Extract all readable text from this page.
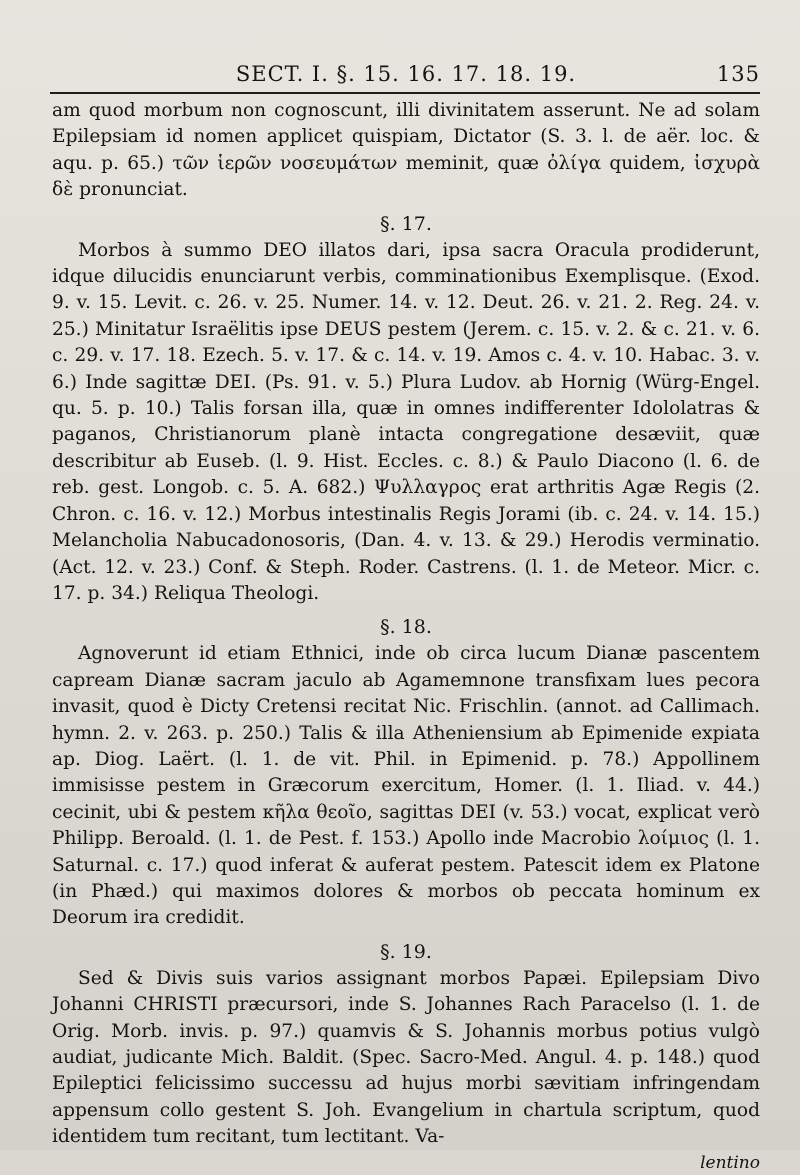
SECT. I. §. 15. 16. 17. 18. 19.	135

am quod morbum non cognoscunt, illi divinitatem asserunt. Ne ad solam Epilepsiam id nomen applicet quispiam, Dictator (S. 3. l. de aër. loc. & aqu. p. 65.) τῶν ἱερῶν νοσευμάτων meminit, quæ ὀλίγα quidem, ἰσχυρὰ δὲ pronunciat.

§. 17.

Morbos à summo DEO illatos dari, ipsa sacra Oracula prodiderunt, idque dilucidis enunciarunt verbis, comminationibus Exemplisque. (Exod. 9. v. 15. Levit. c. 26. v. 25. Numer. 14. v. 12. Deut. 26. v. 21. 2. Reg. 24. v. 25.) Minitatur Israëlitis ipse DEUS pestem (Jerem. c. 15. v. 2. & c. 21. v. 6. c. 29. v. 17. 18. Ezech. 5. v. 17. & c. 14. v. 19. Amos c. 4. v. 10. Habac. 3. v. 6.) Inde sagittæ DEI. (Ps. 91. v. 5.) Plura Ludov. ab Hornig (Würg-Engel. qu. 5. p. 10.) Talis forsan illa, quæ in omnes indifferenter Idololatras & paganos, Christianorum planè intacta congregatione desæviit, quæ describitur ab Euseb. (l. 9. Hist. Eccles. c. 8.) & Paulo Diacono (l. 6. de reb. gest. Longob. c. 5. A. 682.) Ψυλλαγρος erat arthritis Agæ Regis (2. Chron. c. 16. v. 12.) Morbus intestinalis Regis Jorami (ib. c. 24. v. 14. 15.) Melancholia Nabucadonosoris, (Dan. 4. v. 13. & 29.) Herodis verminatio. (Act. 12. v. 23.) Conf. & Steph. Roder. Castrens. (l. 1. de Meteor. Micr. c. 17. p. 34.) Reliqua Theologi.

§. 18.

Agnoverunt id etiam Ethnici, inde ob circa lucum Dianæ pascentem capream Dianæ sacram jaculo ab Agamemnone transfixam lues pecora invasit, quod è Dicty Cretensi recitat Nic. Frischlin. (annot. ad Callimach. hymn. 2. v. 263. p. 250.) Talis & illa Atheniensium ab Epimenide expiata ap. Diog. Laërt. (l. 1. de vit. Phil. in Epimenid. p. 78.) Appollinem immisisse pestem in Græcorum exercitum, Homer. (l. 1. Iliad. v. 44.) cecinit, ubi & pestem κῆλα θεοῖο, sagittas DEI (v. 53.) vocat, explicat verò Philipp. Beroald. (l. 1. de Pest. f. 153.) Apollo inde Macrobio λοίμιος (l. 1. Saturnal. c. 17.) quod inferat & auferat pestem. Patescit idem ex Platone (in Phæd.) qui maximos dolores & morbos ob peccata hominum ex Deorum ira credidit.

§. 19.

Sed & Divis suis varios assignant morbos Papæi. Epilepsiam Divo Johanni CHRISTI præcursori, inde S. Johannes Rach Paracelso (l. 1. de Orig. Morb. invis. p. 97.) quamvis & S. Johannis morbus potius vulgò audiat, judicante Mich. Baldit. (Spec. Sacro-Med. Angul. 4. p. 148.) quod Epileptici felicissimo successu ad hujus morbi sævitiam infringendam appensum collo gestent S. Joh. Evangelium in chartula scriptum, quod identidem tum recitant, tum lectitant. Va-

lentino
